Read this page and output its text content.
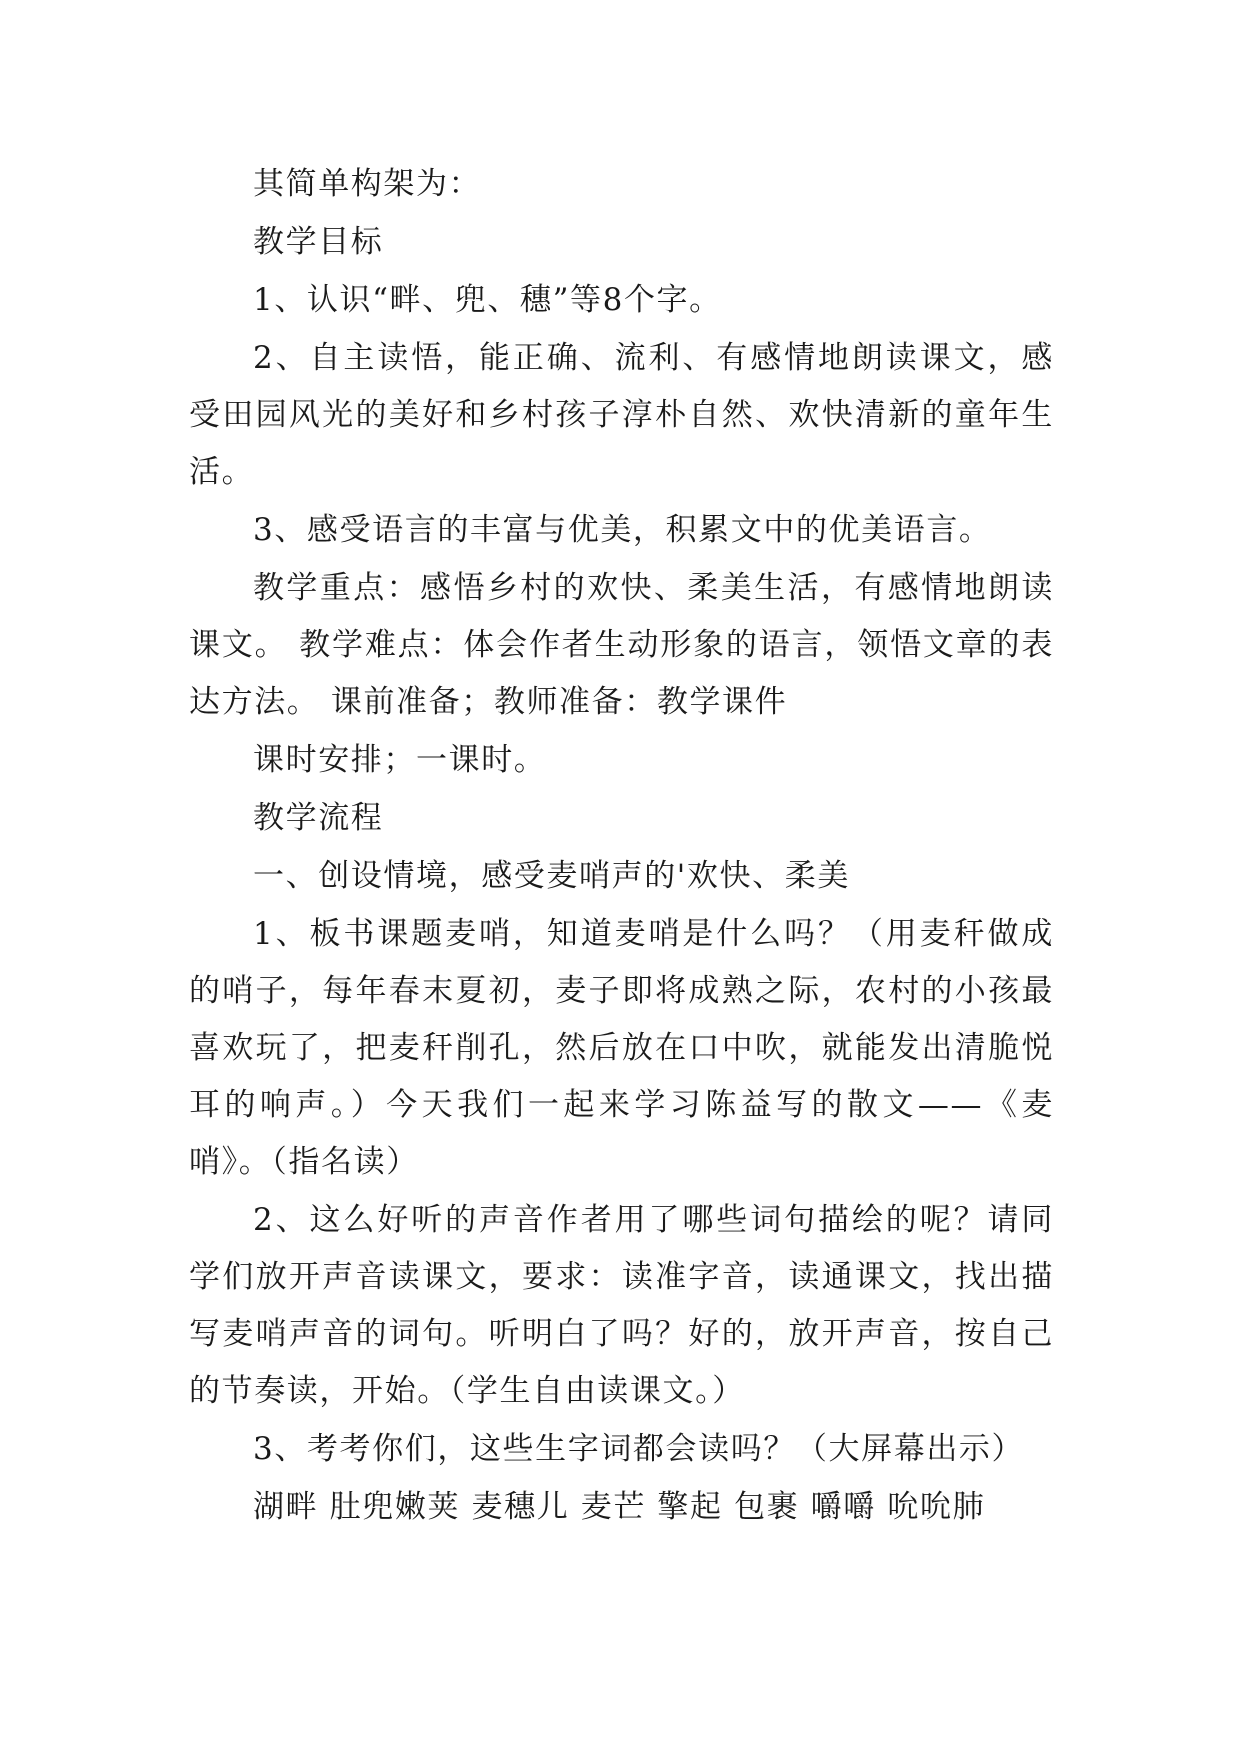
其简单构架为：

教学目标

1、认识“畔、兜、穗”等8个字。

2、自主读悟，能正确、流利、有感情地朗读课文，感受田园风光的美好和乡村孩子淳朴自然、欢快清新的童年生活。

3、感受语言的丰富与优美，积累文中的优美语言。

教学重点：感悟乡村的欢快、柔美生活，有感情地朗读课文。 教学难点：体会作者生动形象的语言，领悟文章的表达方法。 课前准备；教师准备：教学课件

课时安排；一课时。

教学流程

一、创设情境，感受麦哨声的'欢快、柔美

1、板书课题麦哨，知道麦哨是什么吗？（用麦秆做成的哨子，每年春末夏初，麦子即将成熟之际，农村的小孩最喜欢玩了，把麦秆削孔，然后放在口中吹，就能发出清脆悦耳的响声。）今天我们一起来学习陈益写的散文——《麦哨》。（指名读）

2、这么好听的声音作者用了哪些词句描绘的呢？请同学们放开声音读课文，要求：读准字音，读通课文，找出描写麦哨声音的词句。听明白了吗？好的，放开声音，按自己的节奏读，开始。（学生自由读课文。）

3、考考你们，这些生字词都会读吗？（大屏幕出示）

湖畔 肚兜嫩荚 麦穗儿 麦芒 擎起 包裹 嚼嚼 吮吮肺
